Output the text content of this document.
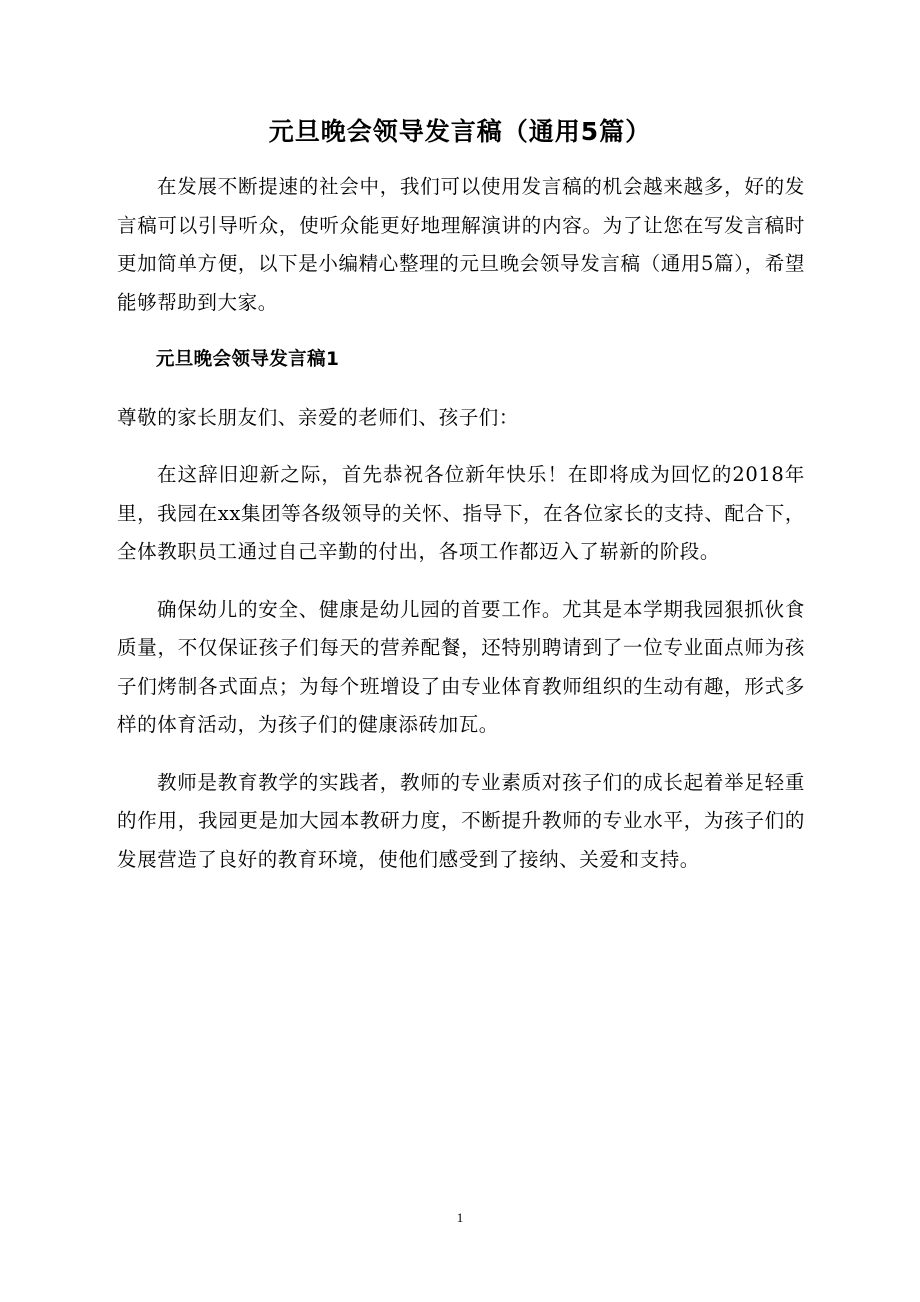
元旦晚会领导发言稿（通用5篇）

在发展不断提速的社会中，我们可以使用发言稿的机会越来越多，好的发言稿可以引导听众，使听众能更好地理解演讲的内容。为了让您在写发言稿时更加简单方便，以下是小编精心整理的元旦晚会领导发言稿（通用5篇），希望能够帮助到大家。

元旦晚会领导发言稿1

尊敬的家长朋友们、亲爱的老师们、孩子们：

在这辞旧迎新之际，首先恭祝各位新年快乐！在即将成为回忆的2018年里，我园在xx集团等各级领导的关怀、指导下，在各位家长的支持、配合下，全体教职员工通过自己辛勤的付出，各项工作都迈入了崭新的阶段。

确保幼儿的安全、健康是幼儿园的首要工作。尤其是本学期我园狠抓伙食质量，不仅保证孩子们每天的营养配餐，还特别聘请到了一位专业面点师为孩子们烤制各式面点；为每个班增设了由专业体育教师组织的生动有趣，形式多样的体育活动，为孩子们的健康添砖加瓦。

教师是教育教学的实践者，教师的专业素质对孩子们的成长起着举足轻重的作用，我园更是加大园本教研力度，不断提升教师的专业水平，为孩子们的发展营造了良好的教育环境，使他们感受到了接纳、关爱和支持。

1
